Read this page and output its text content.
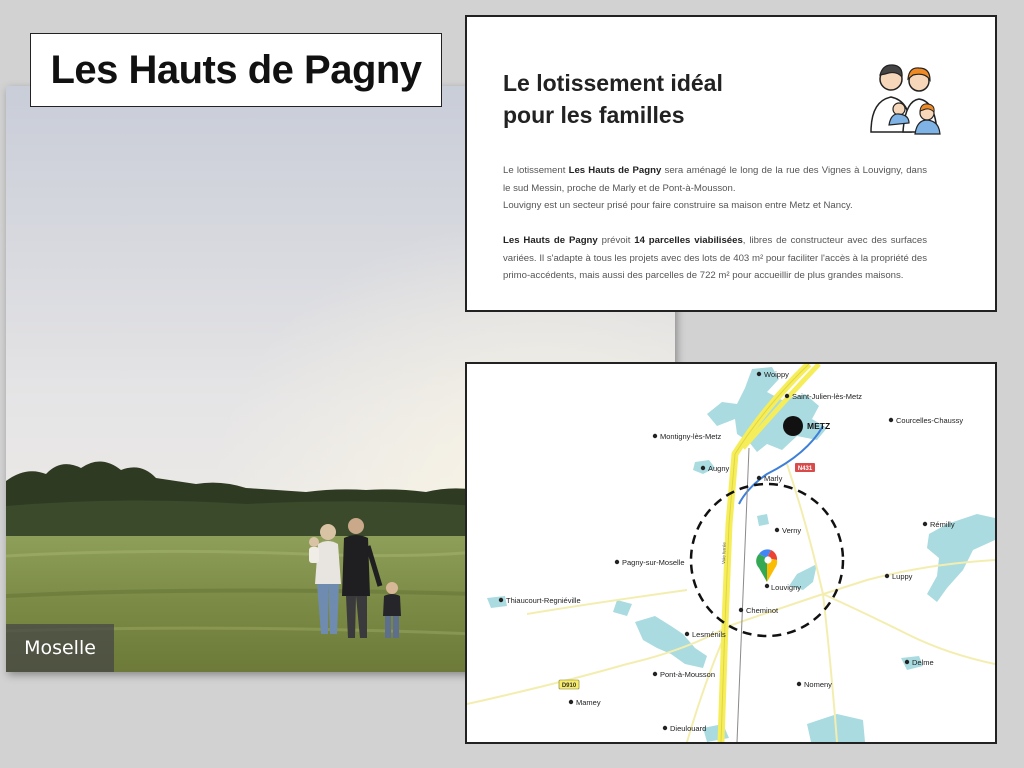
Moselle
Les Hauts de Pagny	Le lotissement idéal
pour les familles

Le lotissement Les Hauts de Pagny sera aménagé le long de la rue des Vignes à Louvigny, dans le sud Messin, proche de Marly et de Pont-à-Mousson.
Louvigny est un secteur prisé pour faire construire sa maison entre Metz et Nancy.

Les Hauts de Pagny prévoit 14 parcelles viabilisées, libres de constructeur avec des surfaces variées. Il s'adapte à tous les projets avec des lots de 403 m² pour faciliter l'accès à la propriété des primo-accédents, mais aussi des parcelles de 722 m² pour accueillir de plus grandes maisons.

N431
D910
Voie ferrée
METZ
Woippy
Saint-Julien-lès-Metz
Courcelles-Chaussy
Montigny-lès-Metz
Augny
Marly
Verny
Rémilly
Pagny-sur-Moselle
Louvigny
Luppy
Thiaucourt-Regniéville
Cheminot
Lesménils
Delme
Pont-à-Mousson
Nomeny
Mamey
Dieulouard
